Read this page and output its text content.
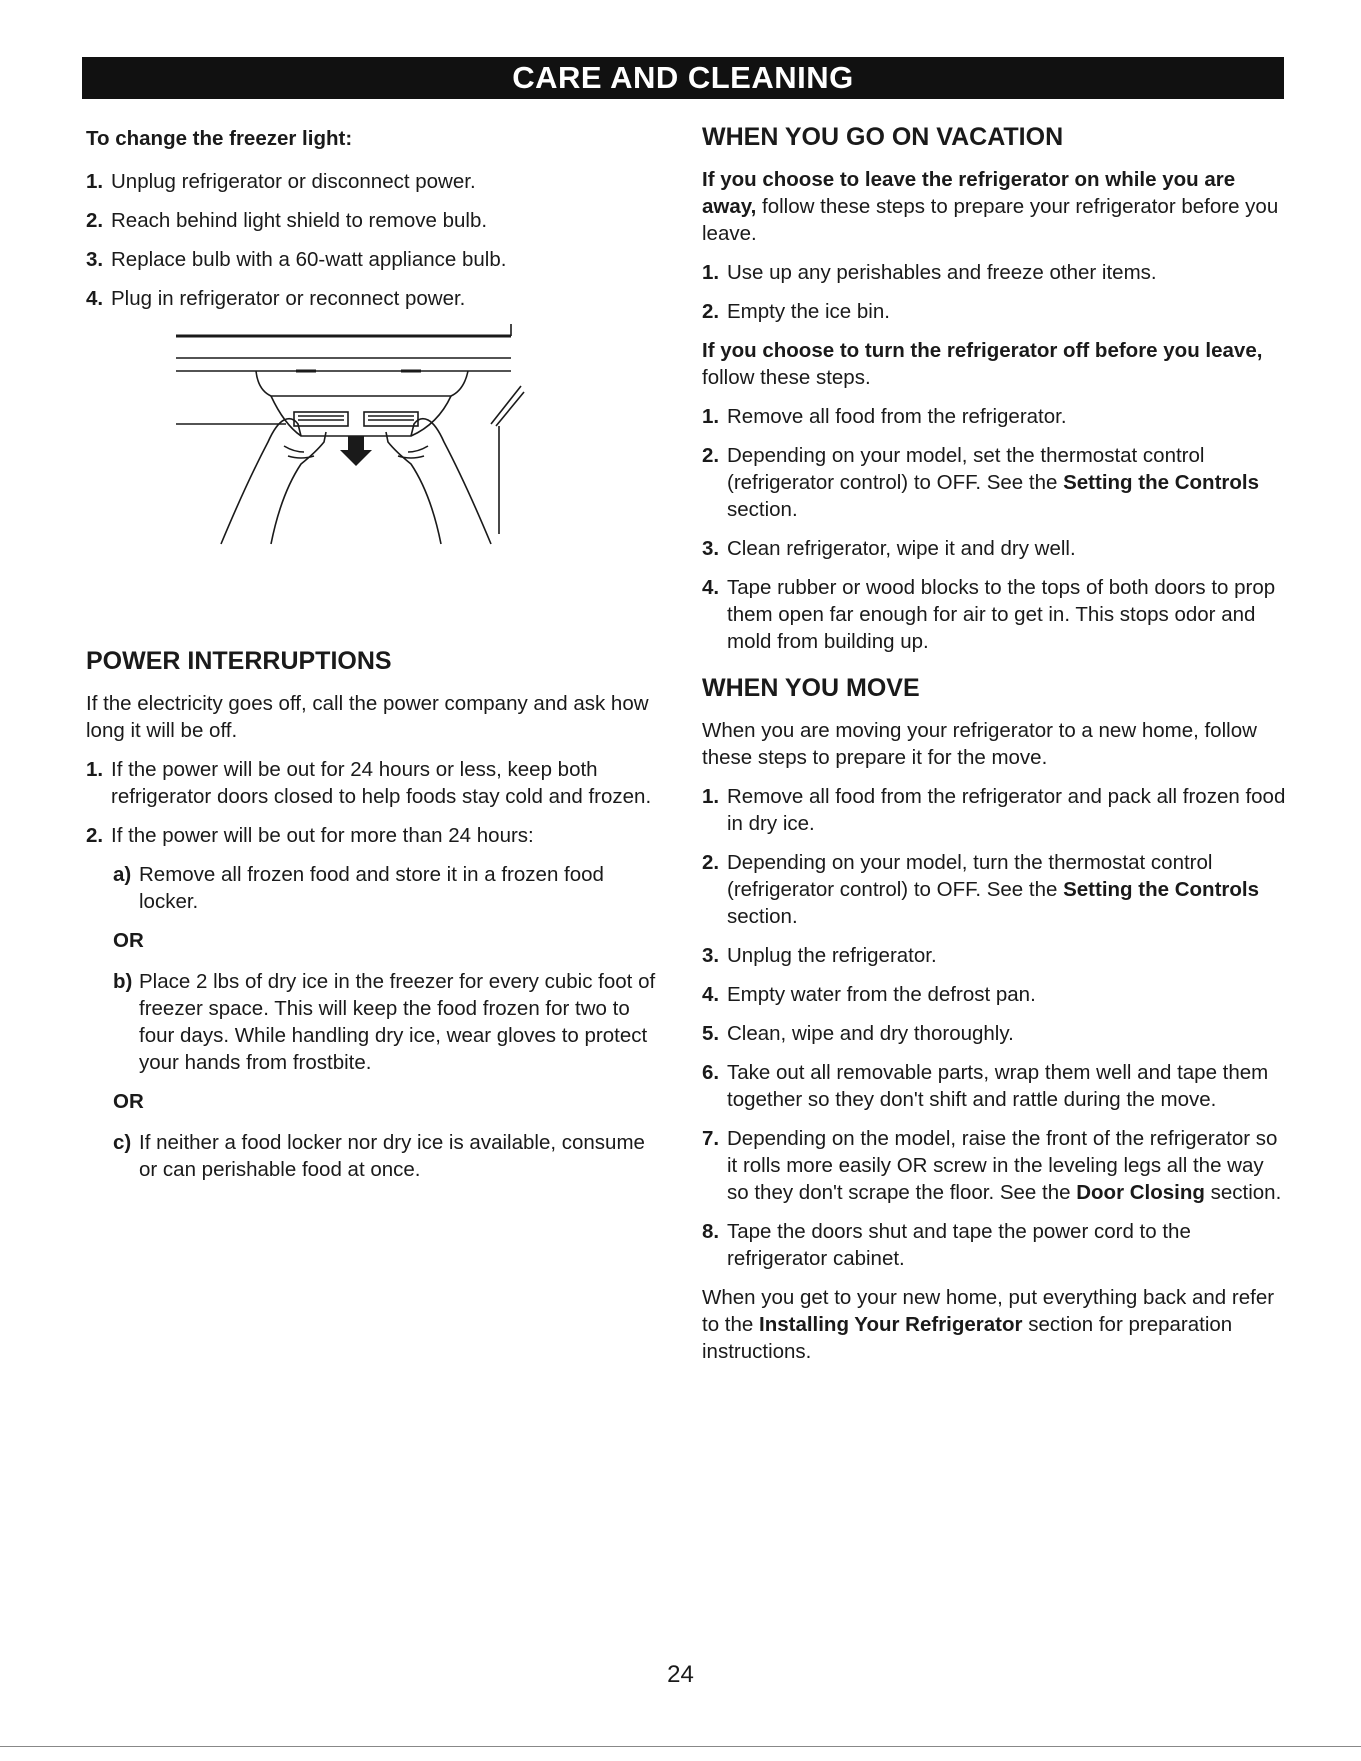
CARE AND CLEANING
To change the freezer light:
1. Unplug refrigerator or disconnect power.
2. Reach behind light shield to remove bulb.
3. Replace bulb with a 60-watt appliance bulb.
4. Plug in refrigerator or reconnect power.
POWER INTERRUPTIONS

If the electricity goes off, call the power company and ask how long it will be off.

1. If the power will be out for 24 hours or less, keep both refrigerator doors closed to help foods stay cold and frozen.
2. If the power will be out for more than 24 hours:
a) Remove all frozen food and store it in a frozen food locker.
OR
b) Place 2 lbs of dry ice in the freezer for every cubic foot of freezer space. This will keep the food frozen for two to four days. While handling dry ice, wear gloves to protect your hands from frostbite.
OR
c) If neither a food locker nor dry ice is available, consume or can perishable food at once.
WHEN YOU GO ON VACATION

If you choose to leave the refrigerator on while you are away, follow these steps to prepare your refrigerator before you leave.

1. Use up any perishables and freeze other items.
2. Empty the ice bin.

If you choose to turn the refrigerator off before you leave, follow these steps.

1. Remove all food from the refrigerator.
2. Depending on your model, set the thermostat control (refrigerator control) to OFF. See the Setting the Controls section.
3. Clean refrigerator, wipe it and dry well.
4. Tape rubber or wood blocks to the tops of both doors to prop them open far enough for air to get in. This stops odor and mold from building up.
WHEN YOU MOVE

When you are moving your refrigerator to a new home, follow these steps to prepare it for the move.

1. Remove all food from the refrigerator and pack all frozen food in dry ice.
2. Depending on your model, turn the thermostat control (refrigerator control) to OFF. See the Setting the Controls section.
3. Unplug the refrigerator.
4. Empty water from the defrost pan.
5. Clean, wipe and dry thoroughly.
6. Take out all removable parts, wrap them well and tape them together so they don't shift and rattle during the move.
7. Depending on the model, raise the front of the refrigerator so it rolls more easily OR screw in the leveling legs all the way so they don't scrape the floor. See the Door Closing section.
8. Tape the doors shut and tape the power cord to the refrigerator cabinet.

When you get to your new home, put everything back and refer to the Installing Your Refrigerator section for preparation instructions.

24
